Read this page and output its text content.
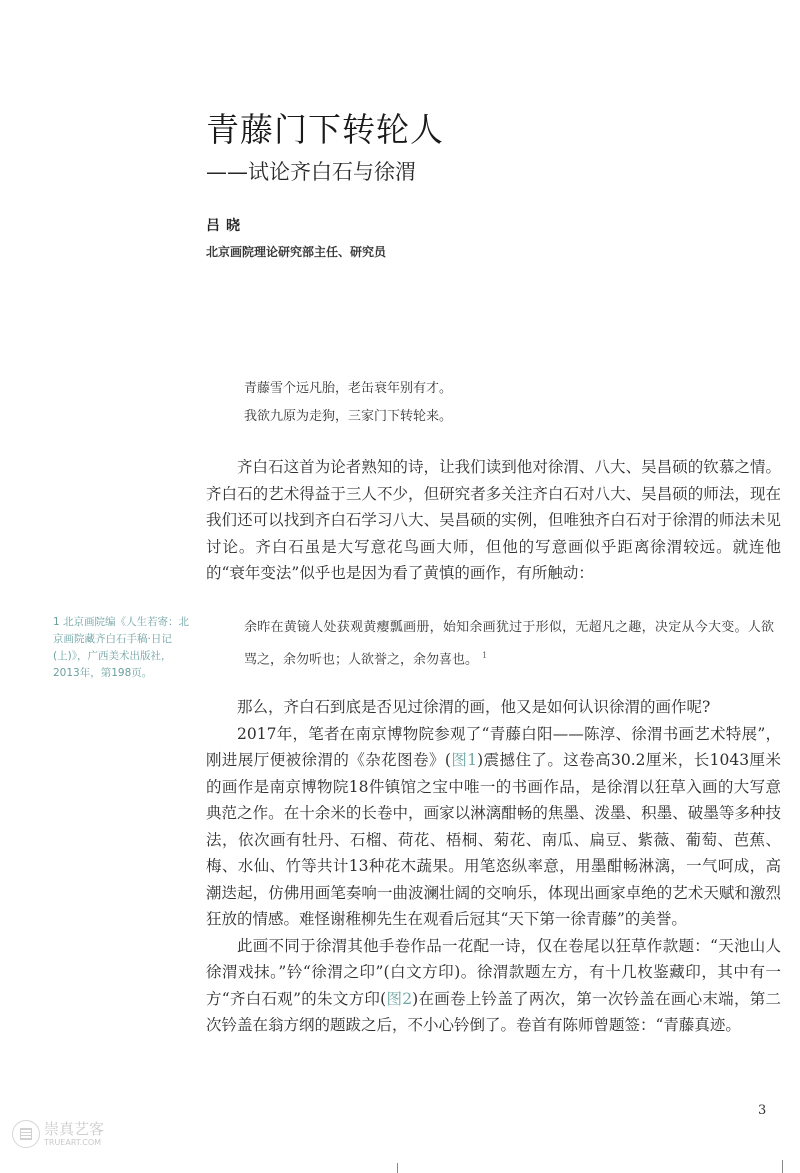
青藤门下转轮人
——试论齐白石与徐渭
吕晓
北京画院理论研究部主任、研究员
青藤雪个远凡胎，老缶衰年别有才。
我欲九原为走狗，三家门下转轮来。

齐白石这首为论者熟知的诗，让我们读到他对徐渭、八大、吴昌硕的钦慕之情。齐白石的艺术得益于三人不少，但研究者多关注齐白石对八大、吴昌硕的师法，现在我们还可以找到齐白石学习八大、吴昌硕的实例，但唯独齐白石对于徐渭的师法未见讨论。齐白石虽是大写意花鸟画大师，但他的写意画似乎距离徐渭较远。就连他的“衰年变法”似乎也是因为看了黄慎的画作，有所触动：

1 北京画院编《人生若寄：北京画院藏齐白石手稿·日记(上)》，广西美术出版社，2013年，第198页。
余昨在黄镜人处获观黄瘿瓢画册，始知余画犹过于形似，无超凡之趣，决定从今大变。人欲骂之，余勿听也；人欲誉之，余勿喜也。 $^1$

那么，齐白石到底是否见过徐渭的画，他又是如何认识徐渭的画作呢?

2017年，笔者在南京博物院参观了“青藤白阳——陈淳、徐渭书画艺术特展”，刚进展厅便被徐渭的《杂花图卷》(图1)震撼住了。这卷高30.2厘米，长1043厘米的画作是南京博物院18件镇馆之宝中唯一的书画作品，是徐渭以狂草入画的大写意典范之作。在十余米的长卷中，画家以淋漓酣畅的焦墨、泼墨、积墨、破墨等多种技法，依次画有牡丹、石榴、荷花、梧桐、菊花、南瓜、扁豆、紫薇、葡萄、芭蕉、梅、水仙、竹等共计13种花木蔬果。用笔恣纵率意，用墨酣畅淋漓，一气呵成，高潮迭起，仿佛用画笔奏响一曲波澜壮阔的交响乐，体现出画家卓绝的艺术天赋和激烈狂放的情感。难怪谢稚柳先生在观看后冠其“天下第一徐青藤”的美誉。

此画不同于徐渭其他手卷作品一花配一诗，仅在卷尾以狂草作款题：“天池山人徐渭戏抹。”钤“徐渭之印”(白文方印)。徐渭款题左方，有十几枚鉴藏印，其中有一方“齐白石观”的朱文方印(图2)在画卷上钤盖了两次，第一次钤盖在画心末端，第二次钤盖在翁方纲的题跋之后，不小心钤倒了。卷首有陈师曾题签：“青藤真迹。

3
崇真艺客
TRUEART.COM
